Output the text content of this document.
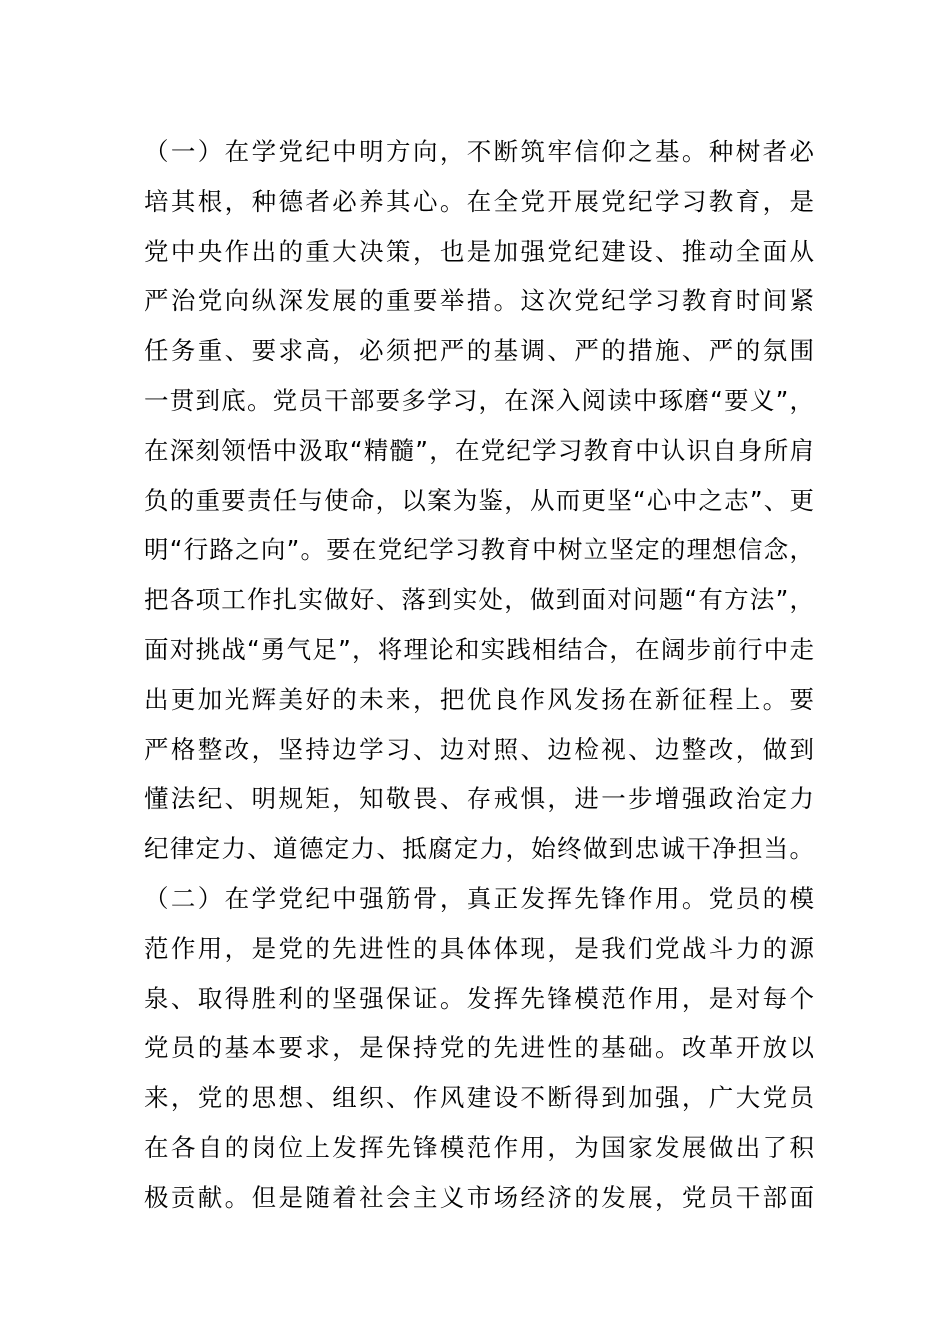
（一）在学党纪中明方向，不断筑牢信仰之基。种树者必
培其根，种德者必养其心。在全党开展党纪学习教育，是
党中央作出的重大决策，也是加强党纪建设、推动全面从
严治党向纵深发展的重要举措。这次党纪学习教育时间紧
任务重、要求高，必须把严的基调、严的措施、严的氛围
一贯到底。党员干部要多学习，在深入阅读中琢磨“要义”，
在深刻领悟中汲取“精髓”，在党纪学习教育中认识自身所肩
负的重要责任与使命，以案为鉴，从而更坚“心中之志”、更
明“行路之向”。要在党纪学习教育中树立坚定的理想信念，
把各项工作扎实做好、落到实处，做到面对问题“有方法”，
面对挑战“勇气足”，将理论和实践相结合，在阔步前行中走
出更加光辉美好的未来，把优良作风发扬在新征程上。要
严格整改，坚持边学习、边对照、边检视、边整改，做到
懂法纪、明规矩，知敬畏、存戒惧，进一步增强政治定力
纪律定力、道德定力、抵腐定力，始终做到忠诚干净担当。
（二）在学党纪中强筋骨，真正发挥先锋作用。党员的模
范作用，是党的先进性的具体体现，是我们党战斗力的源
泉、取得胜利的坚强保证。发挥先锋模范作用，是对每个
党员的基本要求，是保持党的先进性的基础。改革开放以
来，党的思想、组织、作风建设不断得到加强，广大党员
在各自的岗位上发挥先锋模范作用，为国家发展做出了积
极贡献。但是随着社会主义市场经济的发展，党员干部面
